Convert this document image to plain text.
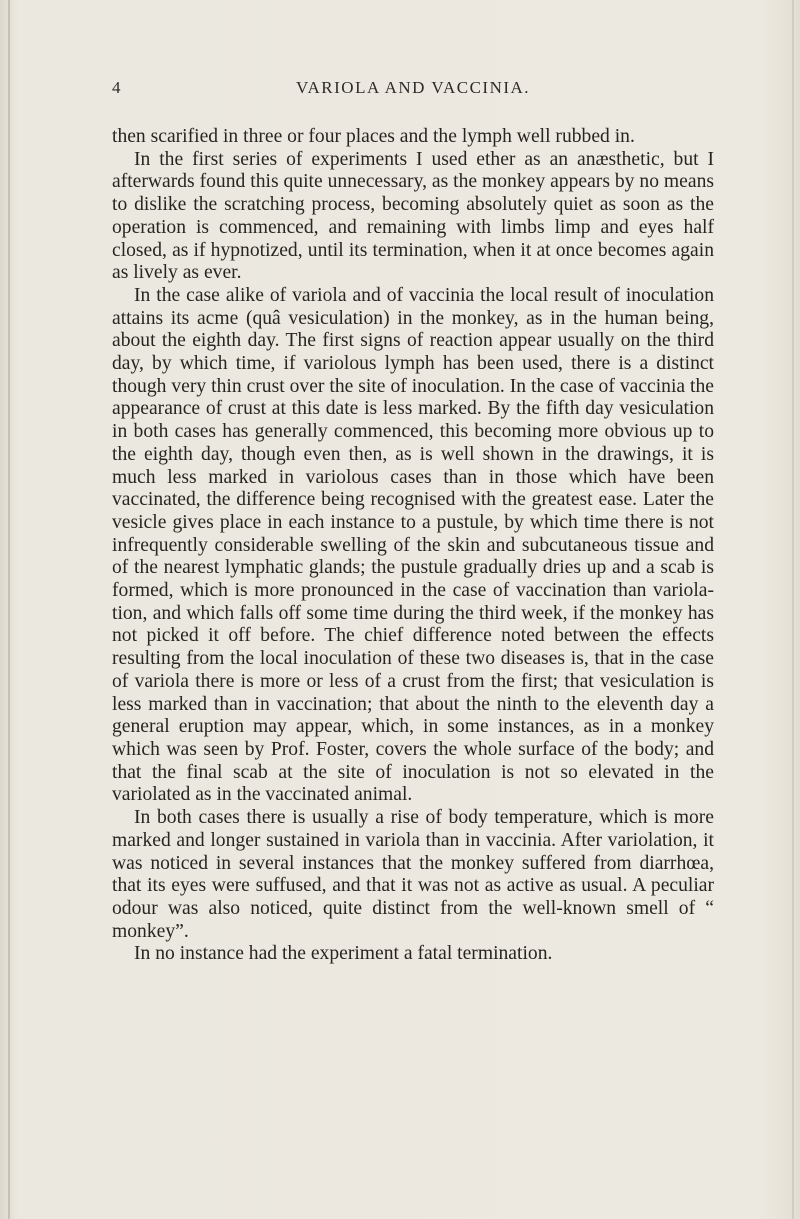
4	VARIOLA AND VACCINIA.

then scarified in three or four places and the lymph well rubbed in.

In the first series of experiments I used ether as an anæsthetic, but I afterwards found this quite unnecessary, as the monkey appears by no means to dislike the scratching process, becoming absolutely quiet as soon as the operation is commenced, and remaining with limbs limp and eyes half closed, as if hypnotized, until its termination, when it at once becomes again as lively as ever.

In the case alike of variola and of vaccinia the local result of inoculation attains its acme (quâ vesiculation) in the monkey, as in the human being, about the eighth day. The first signs of reaction appear usually on the third day, by which time, if variolous lymph has been used, there is a distinct though very thin crust over the site of inoculation. In the case of vaccinia the appearance of crust at this date is less marked. By the fifth day vesiculation in both cases has generally commenced, this becoming more obvious up to the eighth day, though even then, as is well shown in the drawings, it is much less marked in variolous cases than in those which have been vaccinated, the difference being recognised with the greatest ease. Later the vesicle gives place in each instance to a pustule, by which time there is not infrequently considerable swelling of the skin and subcutaneous tissue and of the nearest lymphatic glands; the pustule gradually dries up and a scab is formed, which is more pronounced in the case of vaccination than variolation, and which falls off some time during the third week, if the monkey has not picked it off before. The chief difference noted between the effects resulting from the local inoculation of these two diseases is, that in the case of variola there is more or less of a crust from the first; that vesiculation is less marked than in vaccination; that about the ninth to the eleventh day a general eruption may appear, which, in some instances, as in a monkey which was seen by Prof. Foster, covers the whole surface of the body; and that the final scab at the site of inoculation is not so elevated in the variolated as in the vaccinated animal.

In both cases there is usually a rise of body temperature, which is more marked and longer sustained in variola than in vaccinia. After variolation, it was noticed in several instances that the monkey suffered from diarrhœa, that its eyes were suffused, and that it was not as active as usual. A peculiar odour was also noticed, quite distinct from the well-known smell of “ monkey”.

In no instance had the experiment a fatal termination.
